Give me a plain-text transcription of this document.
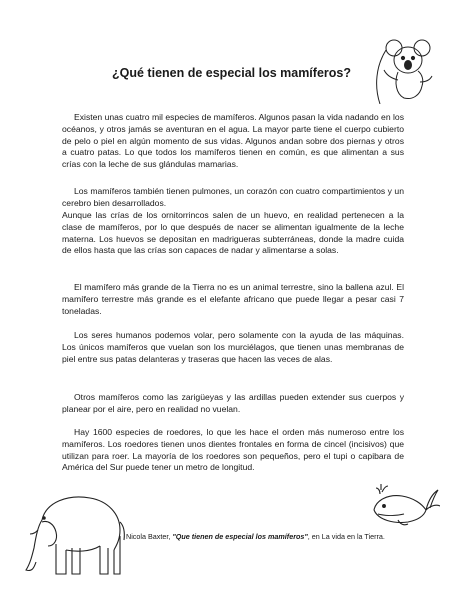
¿Qué tienen de especial los mamíferos?

Existen unas cuatro mil especies de mamíferos. Algunos pasan la vida nadando en los océanos, y otros jamás se aventuran en el agua. La mayor parte tiene el cuerpo cubierto de pelo o piel en algún momento de sus vidas. Algunos andan sobre dos piernas y otros a cuatro patas. Lo que todos los mamíferos tienen en común, es que alimentan a sus crías con la leche de sus glándulas mamarias.

Los mamíferos también tienen pulmones, un corazón con cuatro compartimientos y un cerebro bien desarrollados.

Aunque las crías de los ornitorrincos salen de un huevo, en realidad pertenecen a la clase de mamíferos, por lo que después de nacer se alimentan igualmente de la leche materna. Los huevos se depositan en madrigueras subterráneas, donde la madre cuida de ellos hasta que las crías son capaces de nadar y alimentarse a solas.

El mamífero más grande de la Tierra no es un animal terrestre, sino la ballena azul. El mamífero terrestre más grande es el elefante africano que puede llegar a pesar casi 7 toneladas.

Los seres humanos podemos volar, pero solamente con la ayuda de las máquinas. Los únicos mamíferos que vuelan son los murciélagos, que tienen unas membranas de piel entre sus patas delanteras y traseras que hacen las veces de alas.

Otros mamíferos como las zarigüeyas y las ardillas pueden extender sus cuerpos y planear por el aire, pero en realidad no vuelan.

Hay 1600 especies de roedores, lo que les hace el orden más numeroso entre los mamíferos. Los roedores tienen unos dientes frontales en forma de cincel (incisivos) que utilizan para roer. La mayoría de los roedores son pequeños, pero el tupi o capibara de América del Sur puede tener un metro de longitud.

Nicola Baxter, "Que tienen de especial los mamíferos", en La vida en la Tierra.
